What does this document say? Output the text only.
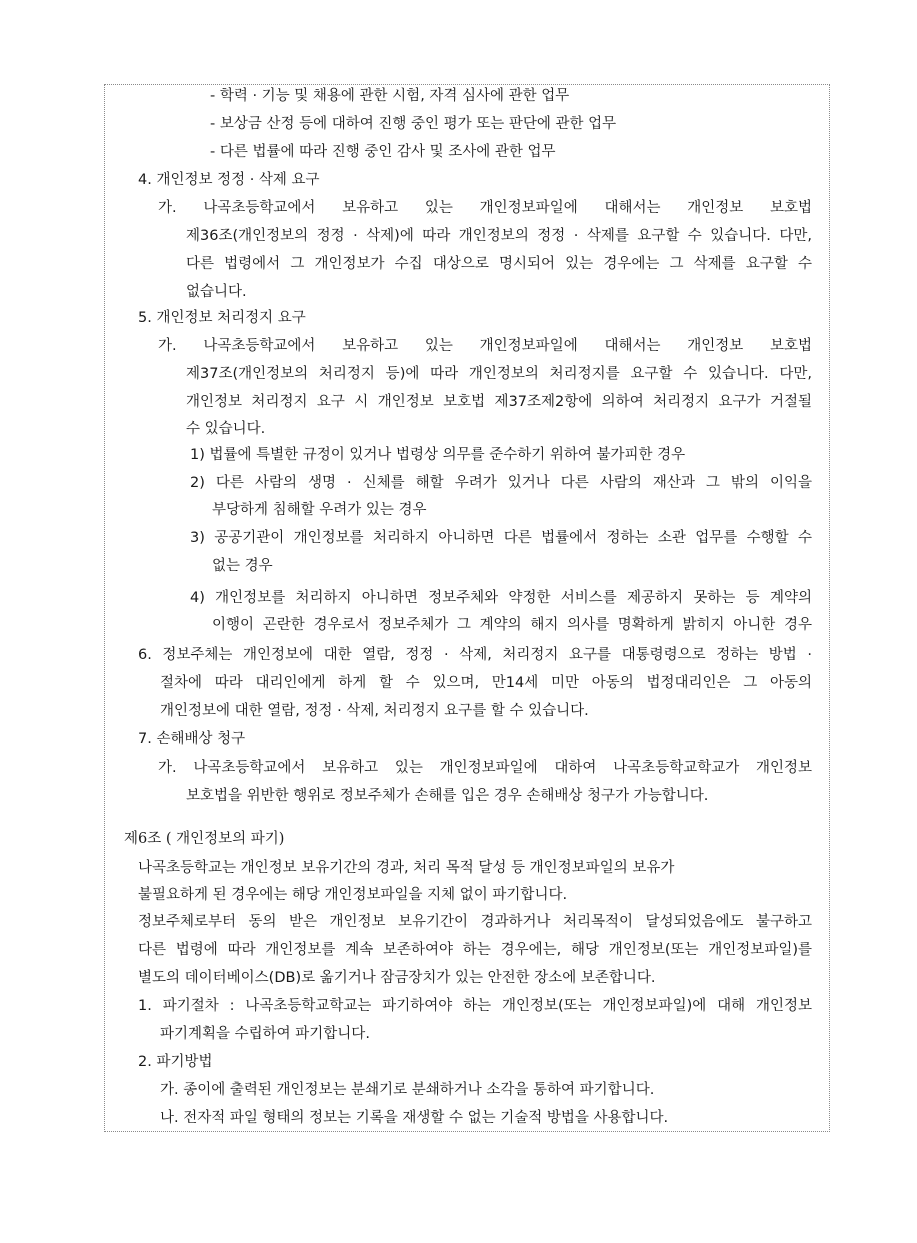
- 학력 · 기능 및 채용에 관한 시험, 자격 심사에 관한 업무
- 보상금 산정 등에 대하여 진행 중인 평가 또는 판단에 관한 업무
- 다른 법률에 따라 진행 중인 감사 및 조사에 관한 업무
4. 개인정보 정정 · 삭제 요구
가. 나곡초등학교에서 보유하고 있는 개인정보파일에 대해서는 개인정보 보호법
제36조(개인정보의 정정 · 삭제)에 따라 개인정보의 정정 · 삭제를 요구할 수 있습니다. 다만,
다른 법령에서 그 개인정보가 수집 대상으로 명시되어 있는 경우에는 그 삭제를 요구할 수
없습니다.
5. 개인정보 처리정지 요구
가. 나곡초등학교에서 보유하고 있는 개인정보파일에 대해서는 개인정보 보호법
제37조(개인정보의 처리정지 등)에 따라 개인정보의 처리정지를 요구할 수 있습니다. 다만,
개인정보 처리정지 요구 시 개인정보 보호법 제37조제2항에 의하여 처리정지 요구가 거절될
수 있습니다.
1) 법률에 특별한 규정이 있거나 법령상 의무를 준수하기 위하여 불가피한 경우
2) 다른 사람의 생명 · 신체를 해할 우려가 있거나 다른 사람의 재산과 그 밖의 이익을
부당하게 침해할 우려가 있는 경우
3) 공공기관이 개인정보를 처리하지 아니하면 다른 법률에서 정하는 소관 업무를 수행할 수
없는 경우
4) 개인정보를 처리하지 아니하면 정보주체와 약정한 서비스를 제공하지 못하는 등 계약의
이행이 곤란한 경우로서 정보주체가 그 계약의 해지 의사를 명확하게 밝히지 아니한 경우
6. 정보주체는 개인정보에 대한 열람, 정정 · 삭제, 처리정지 요구를 대통령령으로 정하는 방법 ·
절차에 따라 대리인에게 하게 할 수 있으며, 만14세 미만 아동의 법정대리인은 그 아동의
개인정보에 대한 열람, 정정 · 삭제, 처리정지 요구를 할 수 있습니다.
7. 손해배상 청구
가. 나곡초등학교에서 보유하고 있는 개인정보파일에 대하여 나곡초등학교학교가 개인정보
보호법을 위반한 행위로 정보주체가 손해를 입은 경우 손해배상 청구가 가능합니다.
제6조 ( 개인정보의 파기)
나곡초등학교는 개인정보 보유기간의 경과, 처리 목적 달성 등 개인정보파일의 보유가
불필요하게 된 경우에는 해당 개인정보파일을 지체 없이 파기합니다.
정보주체로부터 동의 받은 개인정보 보유기간이 경과하거나 처리목적이 달성되었음에도 불구하고
다른 법령에 따라 개인정보를 계속 보존하여야 하는 경우에는, 해당 개인정보(또는 개인정보파일)를
별도의 데이터베이스(DB)로 옮기거나 잠금장치가 있는 안전한 장소에 보존합니다.
1. 파기절차 : 나곡초등학교학교는 파기하여야 하는 개인정보(또는 개인정보파일)에 대해 개인정보
파기계획을 수립하여 파기합니다.
2. 파기방법
가. 종이에 출력된 개인정보는 분쇄기로 분쇄하거나 소각을 통하여 파기합니다.
나. 전자적 파일 형태의 정보는 기록을 재생할 수 없는 기술적 방법을 사용합니다.
